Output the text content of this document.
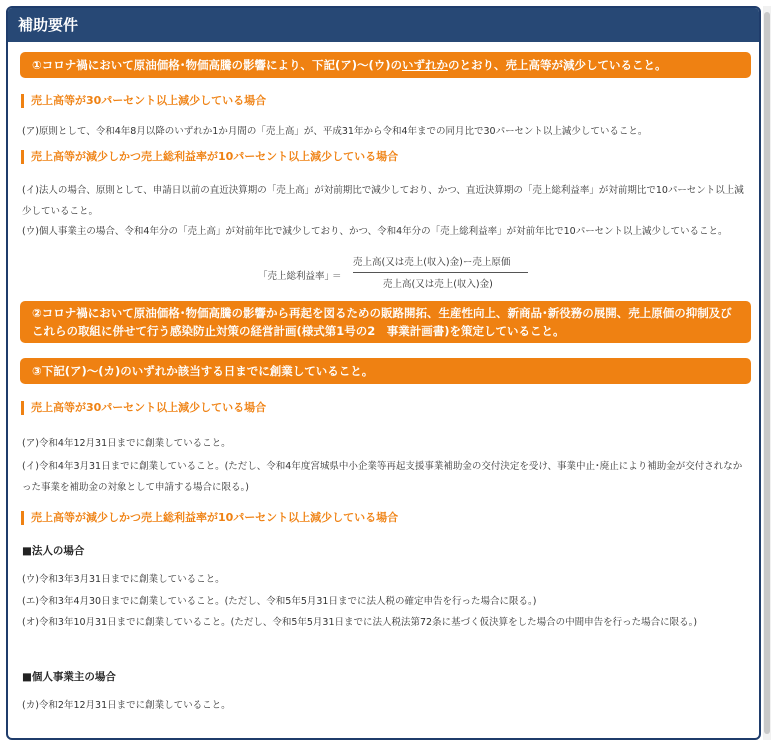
補助要件
①コロナ禍において原油価格･物価高騰の影響により、下記(ア)～(ウ)のいずれかのとおり、売上高等が減少していること。
売上高等が30パーセント以上減少している場合
(ア)原則として、令和4年8月以降のいずれか1か月間の「売上高」が、平成31年から令和4年までの同月比で30パーセント以上減少していること。
売上高等が減少しかつ売上総利益率が10パーセント以上減少している場合
(イ)法人の場合、原則として、申請日以前の直近決算期の「売上高」が対前期比で減少しており、かつ、直近決算期の「売上総利益率」が対前期比で10パーセント以上減少していること。
(ウ)個人事業主の場合、令和4年分の「売上高」が対前年比で減少しており、かつ、令和4年分の「売上総利益率」が対前年比で10パーセント以上減少していること。
「売上総利益率」
＝
売上高(又は売上(収入)金)ー売上原価
売上高(又は売上(収入)金)
②コロナ禍において原油価格･物価高騰の影響から再起を図るための販路開拓、生産性向上、新商品･新役務の展開、売上原価の抑制及びこれらの取組に併せて行う感染防止対策の経営計画(様式第1号の2　事業計画書)を策定していること。
③下記(ア)～(カ)のいずれか該当する日までに創業していること。
売上高等が30パーセント以上減少している場合
(ア)令和4年12月31日までに創業していること。
(イ)令和4年3月31日までに創業していること。(ただし、令和4年度宮城県中小企業等再起支援事業補助金の交付決定を受け、事業中止･廃止により補助金が交付されなかった事業を補助金の対象として申請する場合に限る。)
売上高等が減少しかつ売上総利益率が10パーセント以上減少している場合
■法人の場合
(ウ)令和3年3月31日までに創業していること。
(エ)令和3年4月30日までに創業していること。(ただし、令和5年5月31日までに法人税の確定申告を行った場合に限る。)
(オ)令和3年10月31日までに創業していること。(ただし、令和5年5月31日までに法人税法第72条に基づく仮決算をした場合の中間申告を行った場合に限る。)
■個人事業主の場合
(カ)令和2年12月31日までに創業していること。
